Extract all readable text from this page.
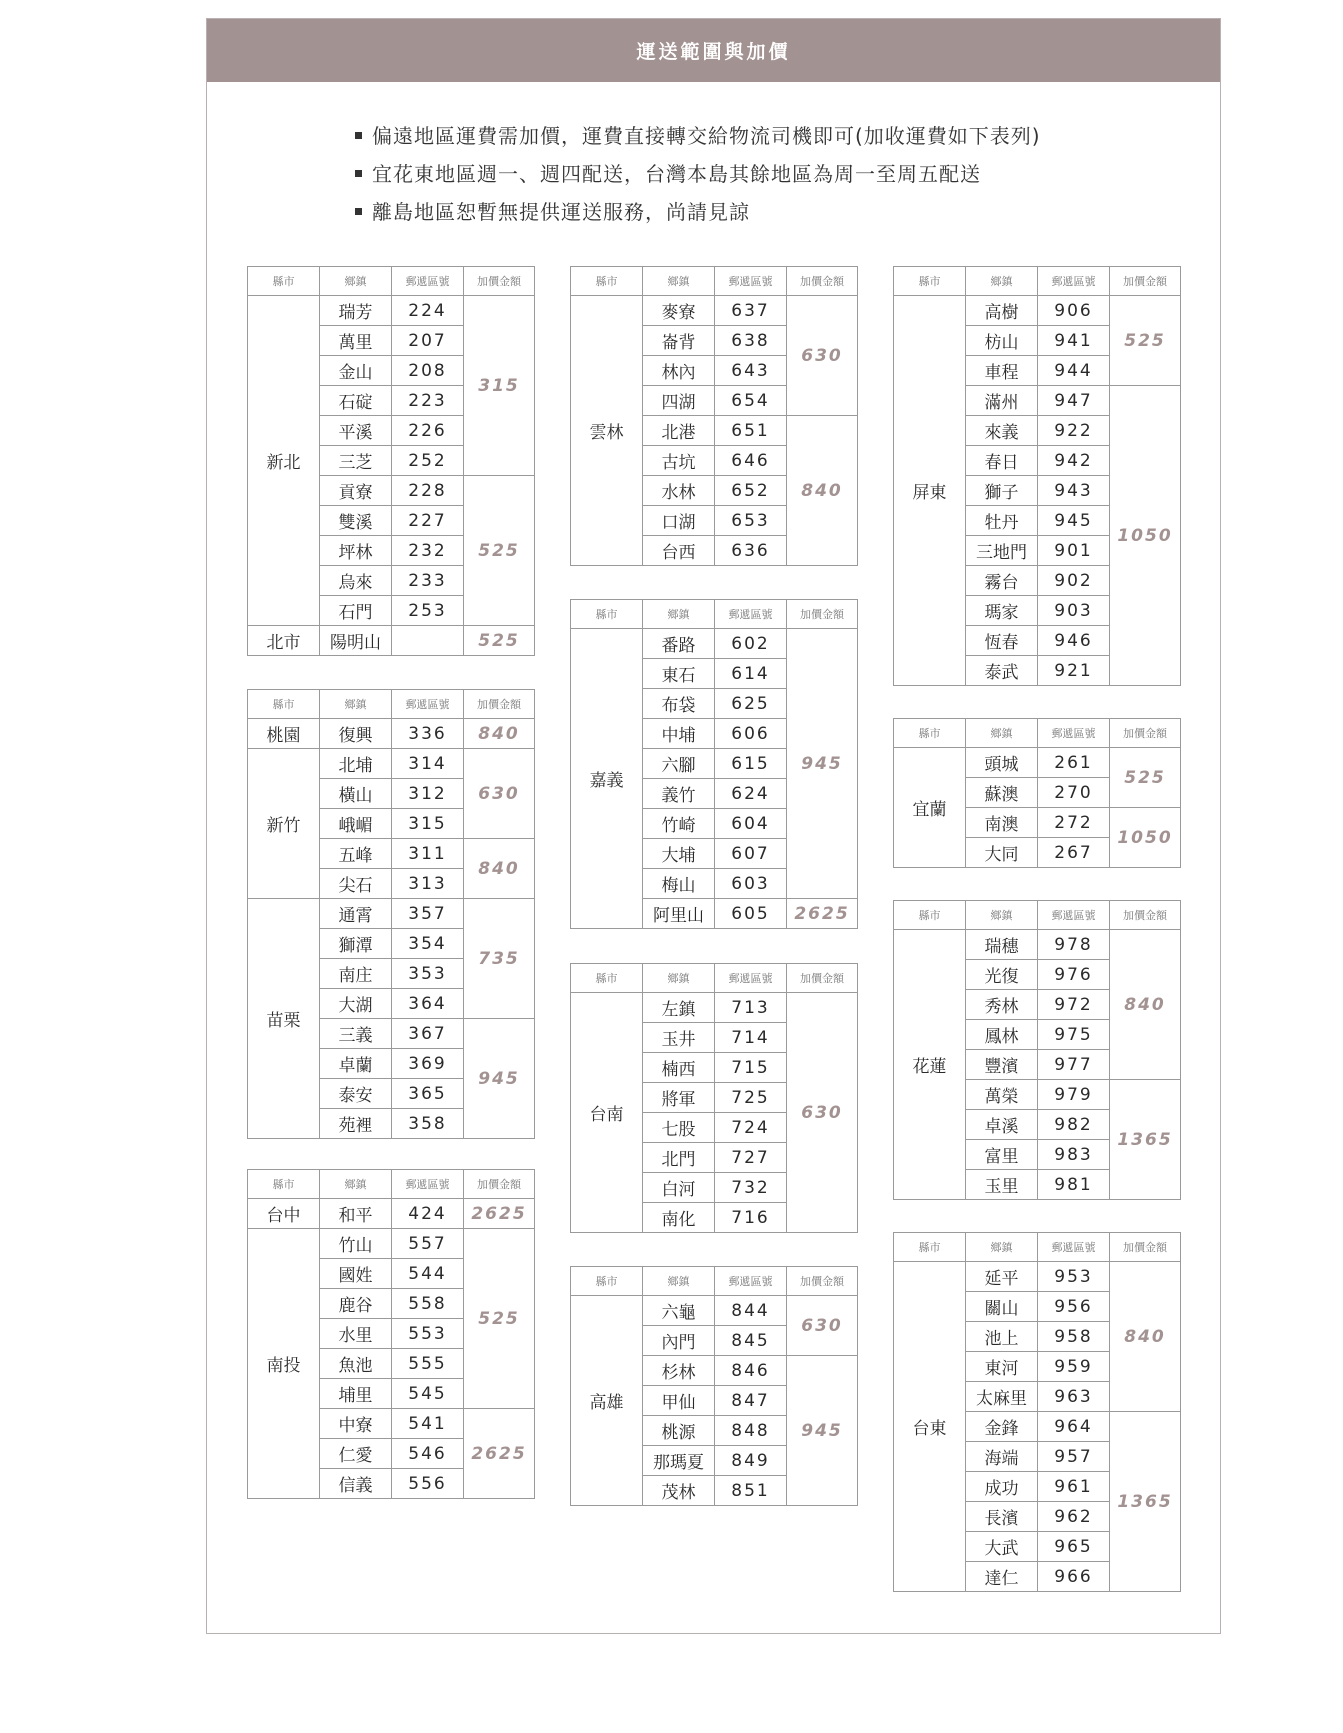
運送範圍與加價
偏遠地區運費需加價，運費直接轉交給物流司機即可(加收運費如下表列)
宜花東地區週一、週四配送，台灣本島其餘地區為周一至周五配送
離島地區恕暫無提供運送服務，尚請見諒
縣市	鄉鎮	郵遞區號	加價金額
新北	瑞芳	224	315
	萬里	207	
	金山	208	
	石碇	223	
	平溪	226	
	三芝	252	
	貢寮	228	525
	雙溪	227	
	坪林	232	
	烏來	233	
	石門	253	
北市	陽明山		525
縣市	鄉鎮	郵遞區號	加價金額
桃園	復興	336	840
新竹	北埔	314	630
	橫山	312	
	峨嵋	315	
	五峰	311	840
	尖石	313	
苗栗	通霄	357	735
	獅潭	354	
	南庄	353	
	大湖	364	
	三義	367	945
	卓蘭	369	
	泰安	365	
	苑裡	358	
縣市	鄉鎮	郵遞區號	加價金額
台中	和平	424	2625
南投	竹山	557	525
	國姓	544	
	鹿谷	558	
	水里	553	
	魚池	555	
	埔里	545	
	中寮	541	2625
	仁愛	546	
	信義	556	
縣市	鄉鎮	郵遞區號	加價金額
雲林	麥寮	637	630
	崙背	638	
	林內	643	
	四湖	654	
	北港	651	840
	古坑	646	
	水林	652	
	口湖	653	
	台西	636	
縣市	鄉鎮	郵遞區號	加價金額
嘉義	番路	602	945
	東石	614	
	布袋	625	
	中埔	606	
	六腳	615	
	義竹	624	
	竹崎	604	
	大埔	607	
	梅山	603	
	阿里山	605	2625
縣市	鄉鎮	郵遞區號	加價金額
台南	左鎮	713	630
	玉井	714	
	楠西	715	
	將軍	725	
	七股	724	
	北門	727	
	白河	732	
	南化	716	
縣市	鄉鎮	郵遞區號	加價金額
高雄	六龜	844	630
	內門	845	
	杉林	846	945
	甲仙	847	
	桃源	848	
	那瑪夏	849	
	茂林	851	
縣市	鄉鎮	郵遞區號	加價金額
屏東	高樹	906	525
	枋山	941	
	車程	944	
	滿州	947	1050
	來義	922	
	春日	942	
	獅子	943	
	牡丹	945	
	三地門	901	
	霧台	902	
	瑪家	903	
	恆春	946	
	泰武	921	
縣市	鄉鎮	郵遞區號	加價金額
宜蘭	頭城	261	525
	蘇澳	270	
	南澳	272	1050
	大同	267	
縣市	鄉鎮	郵遞區號	加價金額
花蓮	瑞穗	978	840
	光復	976	
	秀林	972	
	鳳林	975	
	豐濱	977	
	萬榮	979	1365
	卓溪	982	
	富里	983	
	玉里	981	
縣市	鄉鎮	郵遞區號	加價金額
台東	延平	953	840
	關山	956	
	池上	958	
	東河	959	
	太麻里	963	
	金鋒	964	1365
	海端	957	
	成功	961	
	長濱	962	
	大武	965	
	達仁	966	
